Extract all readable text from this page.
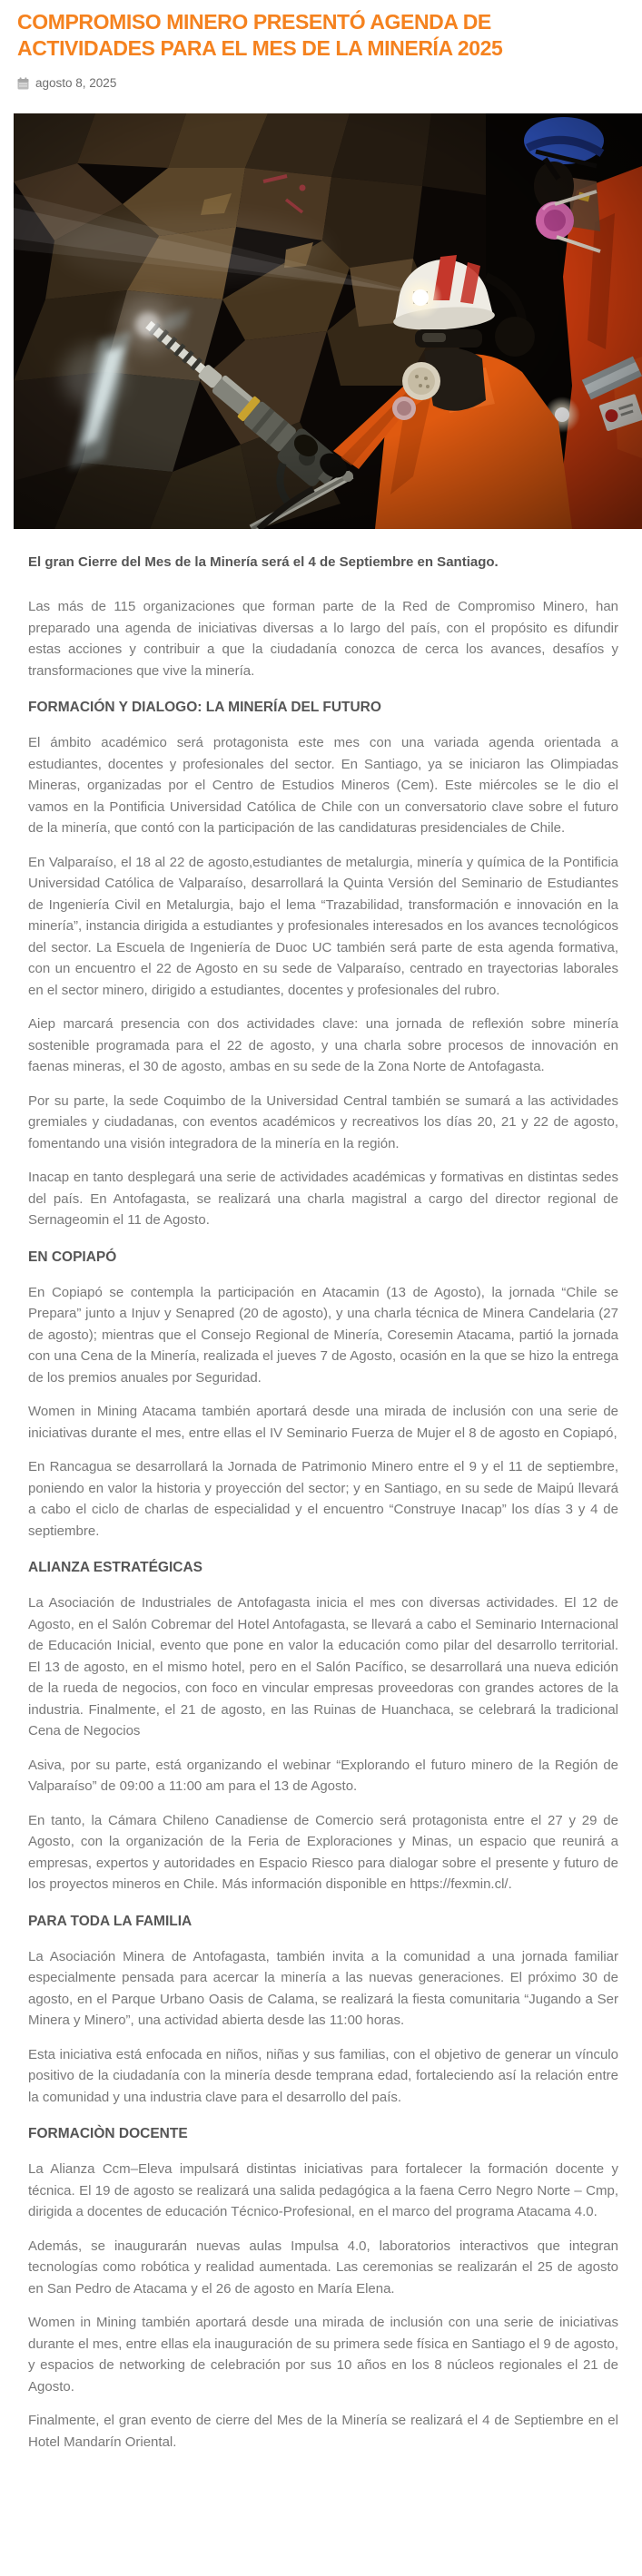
COMPROMISO MINERO PRESENTÓ AGENDA DE
ACTIVIDADES PARA EL MES DE LA MINERÍA 2025
agosto 8, 2025

El gran Cierre del Mes de la Minería será el 4 de Septiembre en Santiago.

Las más de 115 organizaciones que forman parte de la Red de Compromiso Minero, han preparado una agenda de iniciativas diversas a lo largo del país, con el propósito es difundir estas acciones y contribuir a que la ciudadanía conozca de cerca los avances, desafíos y transformaciones que vive la minería.

FORMACIÓN Y DIALOGO: LA MINERÍA DEL FUTURO

El ámbito académico será protagonista este mes con una variada agenda orientada a estudiantes, docentes y profesionales del sector. En Santiago, ya se iniciaron las Olimpiadas Mineras, organizadas por el Centro de Estudios Mineros (Cem). Este miércoles se le dio el vamos en la Pontificia Universidad Católica de Chile con un conversatorio clave sobre el futuro de la minería, que contó con la participación de las candidaturas presidenciales de Chile.

En Valparaíso, el 18 al 22 de agosto,estudiantes de metalurgia, minería y química de la Pontificia Universidad Católica de Valparaíso, desarrollará la Quinta Versión del Seminario de Estudiantes de Ingeniería Civil en Metalurgia, bajo el lema “Trazabilidad, transformación e innovación en la minería”, instancia dirigida a estudiantes y profesionales interesados en los avances tecnológicos del sector. La Escuela de Ingeniería de Duoc UC también será parte de esta agenda formativa, con un encuentro el 22 de Agosto en su sede de Valparaíso, centrado en trayectorias laborales en el sector minero, dirigido a estudiantes, docentes y profesionales del rubro.

Aiep marcará presencia con dos actividades clave: una jornada de reflexión sobre minería sostenible programada para el 22 de agosto, y una charla sobre procesos de innovación en faenas mineras, el 30 de agosto, ambas en su sede de la Zona Norte de Antofagasta.

Por su parte, la sede Coquimbo de la Universidad Central también se sumará a las actividades gremiales y ciudadanas, con eventos académicos y recreativos los días 20, 21 y 22 de agosto, fomentando una visión integradora de la minería en la región.

Inacap en tanto desplegará una serie de actividades académicas y formativas en distintas sedes del país. En Antofagasta, se realizará una charla magistral a cargo del director regional de Sernageomin el 11 de Agosto.

EN COPIAPÓ

En Copiapó se contempla la participación en Atacamin (13 de Agosto), la jornada “Chile se Prepara” junto a Injuv y Senapred (20 de agosto), y una charla técnica de Minera Candelaria (27 de agosto); mientras que el Consejo Regional de Minería, Coresemin Atacama, partió la jornada con una Cena de la Minería, realizada el jueves 7 de Agosto, ocasión en la que se hizo la entrega de los premios anuales por Seguridad.

Women in Mining Atacama también aportará desde una mirada de inclusión con una serie de iniciativas durante el mes, entre ellas el IV Seminario Fuerza de Mujer el 8 de agosto en Copiapó,

En Rancagua se desarrollará la Jornada de Patrimonio Minero entre el 9 y el 11 de septiembre, poniendo en valor la historia y proyección del sector; y en Santiago, en su sede de Maipú llevará a cabo el ciclo de charlas de especialidad y el encuentro “Construye Inacap” los días 3 y 4 de septiembre.

ALIANZA ESTRATÉGICAS

La Asociación de Industriales de Antofagasta inicia el mes con diversas actividades. El 12 de Agosto, en el Salón Cobremar del Hotel Antofagasta, se llevará a cabo el Seminario Internacional de Educación Inicial, evento que pone en valor la educación como pilar del desarrollo territorial. El 13 de agosto, en el mismo hotel, pero en el Salón Pacífico, se desarrollará una nueva edición de la rueda de negocios, con foco en vincular empresas proveedoras con grandes actores de la industria. Finalmente, el 21 de agosto, en las Ruinas de Huanchaca, se celebrará la tradicional Cena de Negocios

Asiva, por su parte, está organizando el webinar “Explorando el futuro minero de la Región de Valparaíso” de 09:00 a 11:00 am para el 13 de Agosto.

En tanto, la Cámara Chileno Canadiense de Comercio será protagonista entre el 27 y 29 de Agosto, con la organización de la Feria de Exploraciones y Minas, un espacio que reunirá a empresas, expertos y autoridades en Espacio Riesco para dialogar sobre el presente y futuro de los proyectos mineros en Chile. Más información disponible en https://fexmin.cl/.

PARA TODA LA FAMILIA

La Asociación Minera de Antofagasta, también invita a la comunidad a una jornada familiar especialmente pensada para acercar la minería a las nuevas generaciones. El próximo 30 de agosto, en el Parque Urbano Oasis de Calama, se realizará la fiesta comunitaria “Jugando a Ser Minera y Minero”, una actividad abierta desde las 11:00 horas.

Esta iniciativa está enfocada en niños, niñas y sus familias, con el objetivo de generar un vínculo positivo de la ciudadanía con la minería desde temprana edad, fortaleciendo así la relación entre la comunidad y una industria clave para el desarrollo del país.

FORMACIÒN DOCENTE

La Alianza Ccm–Eleva impulsará distintas iniciativas para fortalecer la formación docente y técnica. El 19 de agosto se realizará una salida pedagógica a la faena Cerro Negro Norte – Cmp, dirigida a docentes de educación Técnico-Profesional, en el marco del programa Atacama 4.0.

Además, se inaugurarán nuevas aulas Impulsa 4.0, laboratorios interactivos que integran tecnologías como robótica y realidad aumentada. Las ceremonias se realizarán el 25 de agosto en San Pedro de Atacama y el 26 de agosto en María Elena.

Women in Mining también aportará desde una mirada de inclusión con una serie de iniciativas durante el mes, entre ellas ela inauguración de su primera sede física en Santiago el 9 de agosto, y espacios de networking de celebración por sus 10 años en los 8 núcleos regionales el 21 de Agosto.

Finalmente, el gran evento de cierre del Mes de la Minería se realizará el 4 de Septiembre en el Hotel Mandarín Oriental.
